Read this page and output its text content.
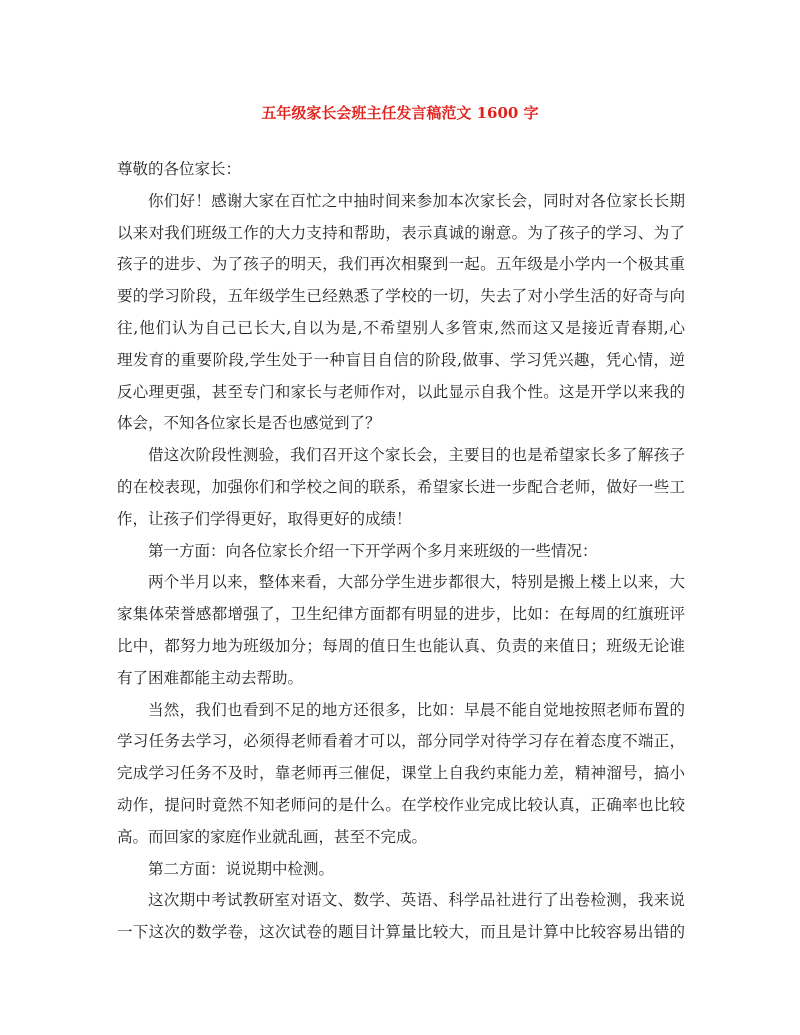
五年级家长会班主任发言稿范文 1600 字
尊敬的各位家长：
你们好！感谢大家在百忙之中抽时间来参加本次家长会，同时对各位家长长期
以来对我们班级工作的大力支持和帮助，表示真诚的谢意。为了孩子的学习、为了
孩子的进步、为了孩子的明天，我们再次相聚到一起。五年级是小学内一个极其重
要的学习阶段，五年级学生已经熟悉了学校的一切，失去了对小学生活的好奇与向
往,他们认为自己已长大,自以为是,不希望别人多管束,然而这又是接近青春期,心
理发育的重要阶段,学生处于一种盲目自信的阶段,做事、学习凭兴趣，凭心情，逆
反心理更强，甚至专门和家长与老师作对，以此显示自我个性。这是开学以来我的
体会，不知各位家长是否也感觉到了？
借这次阶段性测验，我们召开这个家长会，主要目的也是希望家长多了解孩子
的在校表现，加强你们和学校之间的联系，希望家长进一步配合老师，做好一些工
作，让孩子们学得更好，取得更好的成绩！
第一方面：向各位家长介绍一下开学两个多月来班级的一些情况：
两个半月以来，整体来看，大部分学生进步都很大，特别是搬上楼上以来，大
家集体荣誉感都增强了，卫生纪律方面都有明显的进步，比如：在每周的红旗班评
比中，都努力地为班级加分；每周的值日生也能认真、负责的来值日；班级无论谁
有了困难都能主动去帮助。
当然，我们也看到不足的地方还很多，比如：早晨不能自觉地按照老师布置的
学习任务去学习，必须得老师看着才可以，部分同学对待学习存在着态度不端正，
完成学习任务不及时，靠老师再三催促，课堂上自我约束能力差，精神溜号，搞小
动作，提问时竟然不知老师问的是什么。在学校作业完成比较认真，正确率也比较
高。而回家的家庭作业就乱画，甚至不完成。
第二方面：说说期中检测。
这次期中考试教研室对语文、数学、英语、科学品社进行了出卷检测，我来说
一下这次的数学卷，这次试卷的题目计算量比较大，而且是计算中比较容易出错的
